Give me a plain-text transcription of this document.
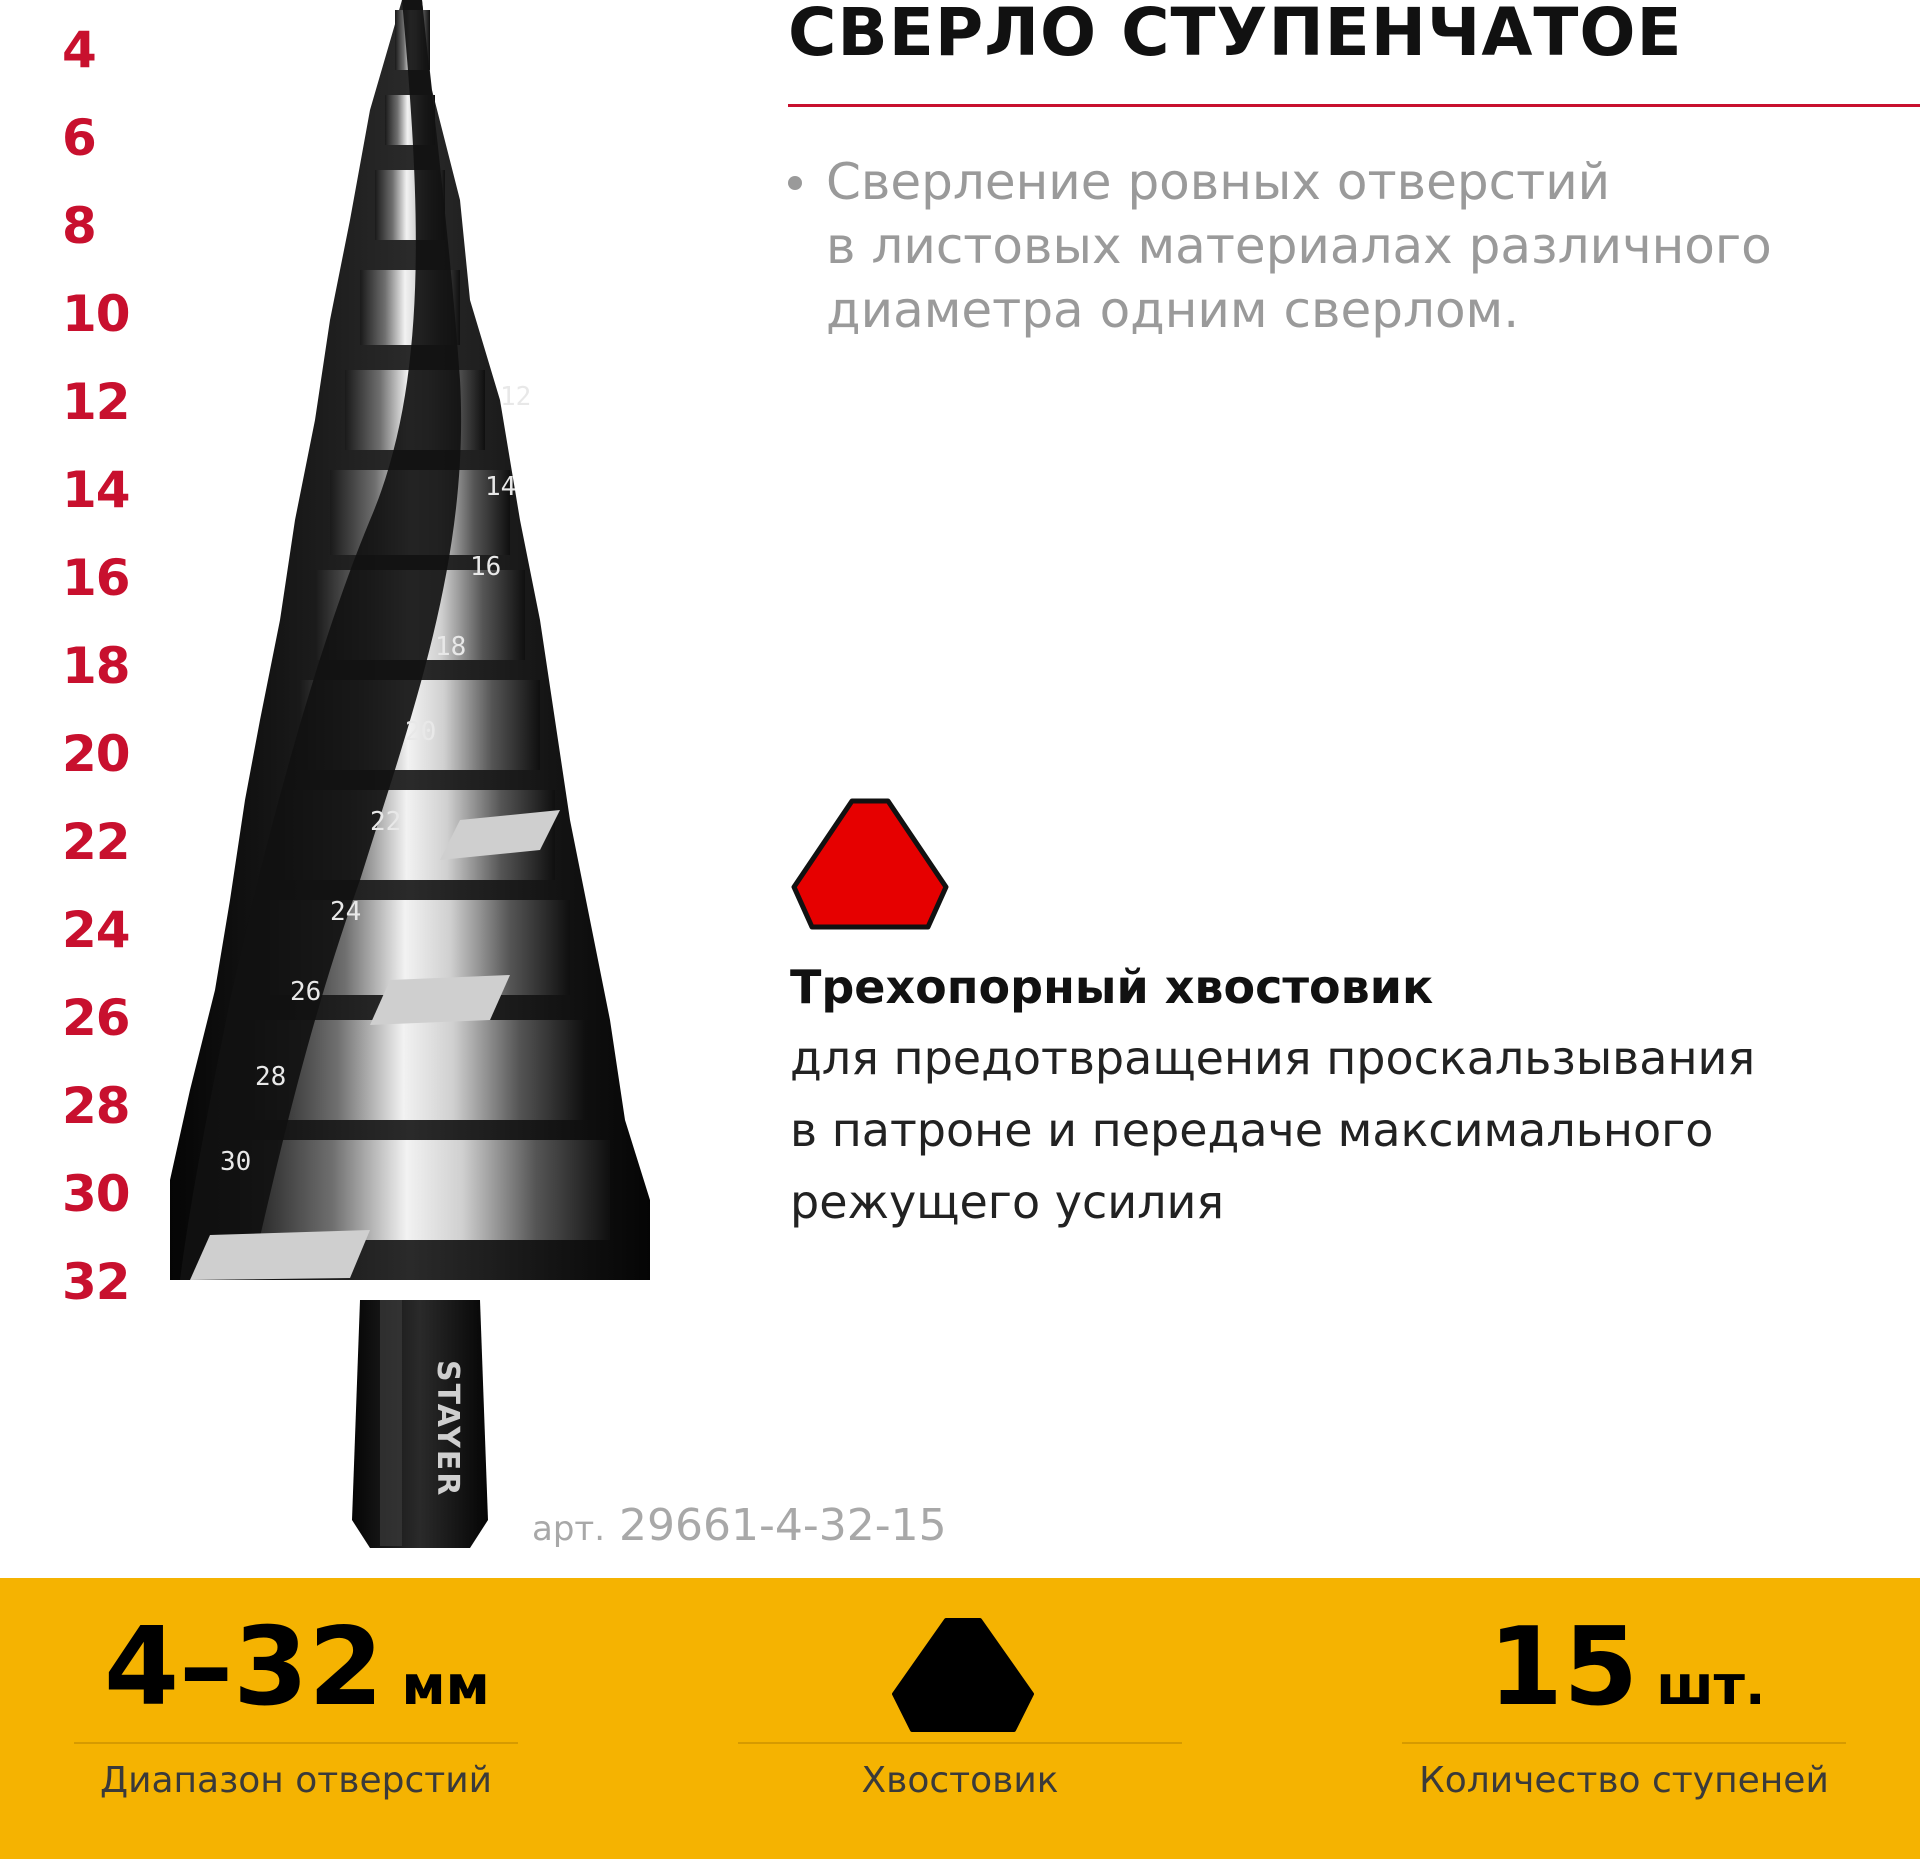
4
6
8
10
12
14
16
18
20
22
24
26
28
30
32
STAYER
12
14
16
18
20
22
24
26
28
30
СВЕРЛО СТУПЕНЧАТОЕ
Сверление ровных отверстий
в листовых материалах различного
диаметра одним сверлом.
Трехопорный хвостовик
для предотвращения проскальзывания
в патроне и передаче максимального
режущего усилия
арт. 29661-4-32-15
4–32 мм
Диапазон отверстий	Хвостовик
15 шт.
Количество ступеней
